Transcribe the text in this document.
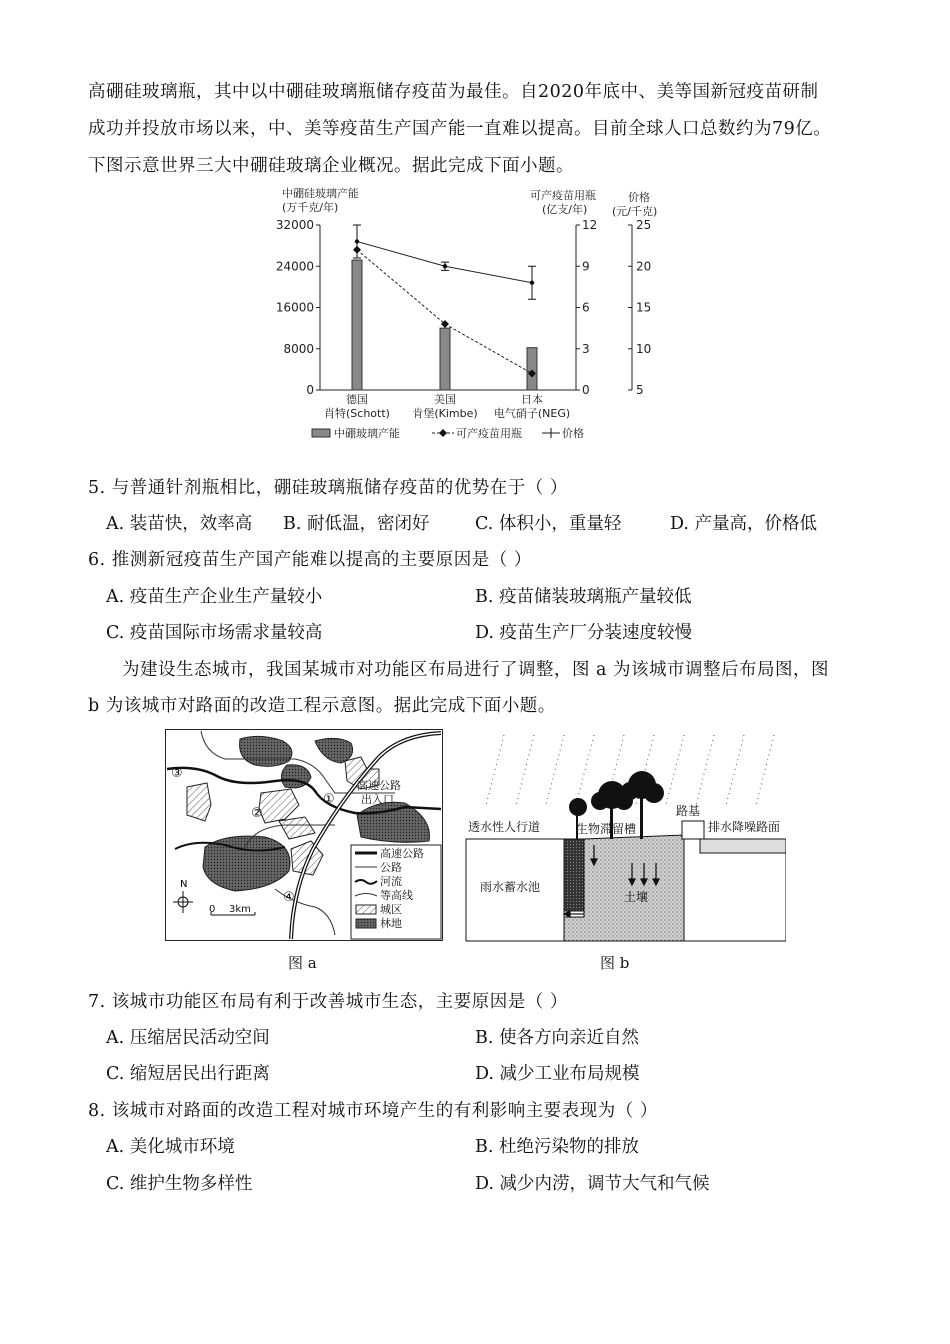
高硼硅玻璃瓶，其中以中硼硅玻璃瓶储存疫苗为最佳。自2020年底中、美等国新冠疫苗研制
成功并投放市场以来，中、美等疫苗生产国产能一直难以提高。目前全球人口总数约为79亿。
下图示意世界三大中硼硅玻璃企业概况。据此完成下面小题。
中硼硅玻璃产能
(万千克/年)
可产疫苗用瓶
(亿支/年)
价格
(元/千克)
0
8000
16000
24000
32000
0
3
6
9
12
5
10
15
20
25
德国
肖特(Schott)
美国
肯堡(Kimbe)
日本
电气硝子(NEG)
中硼玻璃产能	可产疫苗用瓶	价格
5. 与普通针剂瓶相比，硼硅玻璃瓶储存疫苗的优势在于（ ）
A. 装苗快，效率高 B. 耐低温，密闭好	C. 体积小，重量轻	D. 产量高，价格低
6. 推测新冠疫苗生产国产能难以提高的主要原因是（ ）
A. 疫苗生产企业生产量较小	B. 疫苗储装玻璃瓶产量较低
C. 疫苗国际市场需求量较高	D. 疫苗生产厂分装速度较慢
为建设生态城市，我国某城市对功能区布局进行了调整，图 a 为该城市调整后布局图，图
b 为该城市对路面的改造工程示意图。据此完成下面小题。
①
②
③
④
高速公路
出入口
N
0 3km
高速公路
公路
河流
等高线
城区
林地
图 a
透水性人行道	生物滞留槽
路基
排水降噪路面
雨水蓄水池
土壤
图 b
7. 该城市功能区布局有利于改善城市生态，主要原因是（ ）
A. 压缩居民活动空间	B. 使各方向亲近自然
C. 缩短居民出行距离	D. 减少工业布局规模
8. 该城市对路面的改造工程对城市环境产生的有利影响主要表现为（ ）
A. 美化城市环境	B. 杜绝污染物的排放
C. 维护生物多样性	D. 减少内涝，调节大气和气候
